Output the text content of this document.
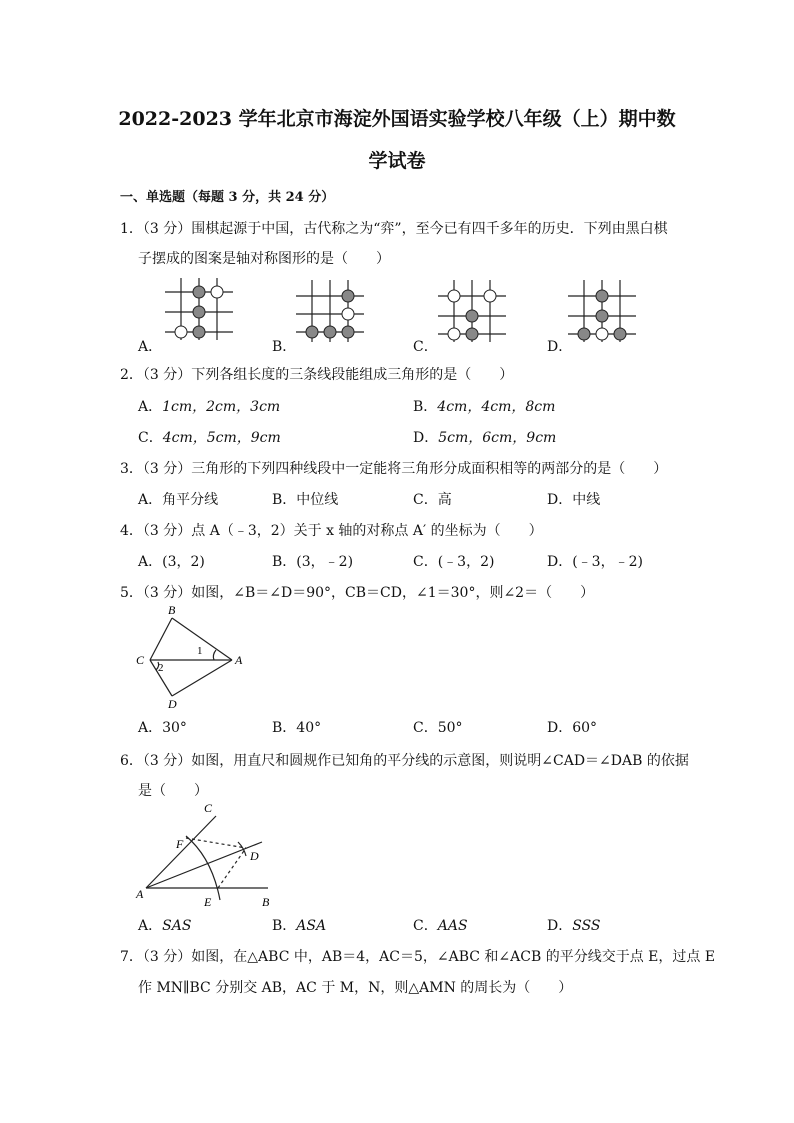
2022-2023 学年北京市海淀外国语实验学校八年级（上）期中数
学试卷
一、单选题（每题 3 分，共 24 分）
1．（3 分）围棋起源于中国，古代称之为“弈”，至今已有四千多年的历史．下列由黑白棋
子摆成的图案是轴对称图形的是（　　）
A．	B．	C．	D．
2．（3 分）下列各组长度的三条线段能组成三角形的是（　　）
A．1cm，2cm，3cm	B．4cm，4cm，8cm
C．4cm，5cm，9cm	D．5cm，6cm，9cm
3．（3 分）三角形的下列四种线段中一定能将三角形分成面积相等的两部分的是（　　）
A．角平分线	B．中位线	C．高	D．中线
4．（3 分）点 A（﹣3，2）关于 x 轴的对称点 A′ 的坐标为（　　）
A．(3，2)	B．(3，﹣2)	C．(﹣3，2)	D．(﹣3，﹣2)
5．（3 分）如图，∠B＝∠D＝90°，CB＝CD，∠1＝30°，则∠2＝（　　）
B
C	A
D
1
2
A．30°	B．40°	C．50°	D．60°
6．（3 分）如图，用直尺和圆规作已知角的平分线的示意图，则说明∠CAD＝∠DAB 的依据
是（　　）
C
F
D
A
E	B
A．SAS	B．ASA	C．AAS	D．SSS
7．（3 分）如图，在△ABC 中，AB＝4，AC＝5，∠ABC 和∠ACB 的平分线交于点 E，过点 E
作 MN∥BC 分别交 AB，AC 于 M，N，则△AMN 的周长为（　　）
